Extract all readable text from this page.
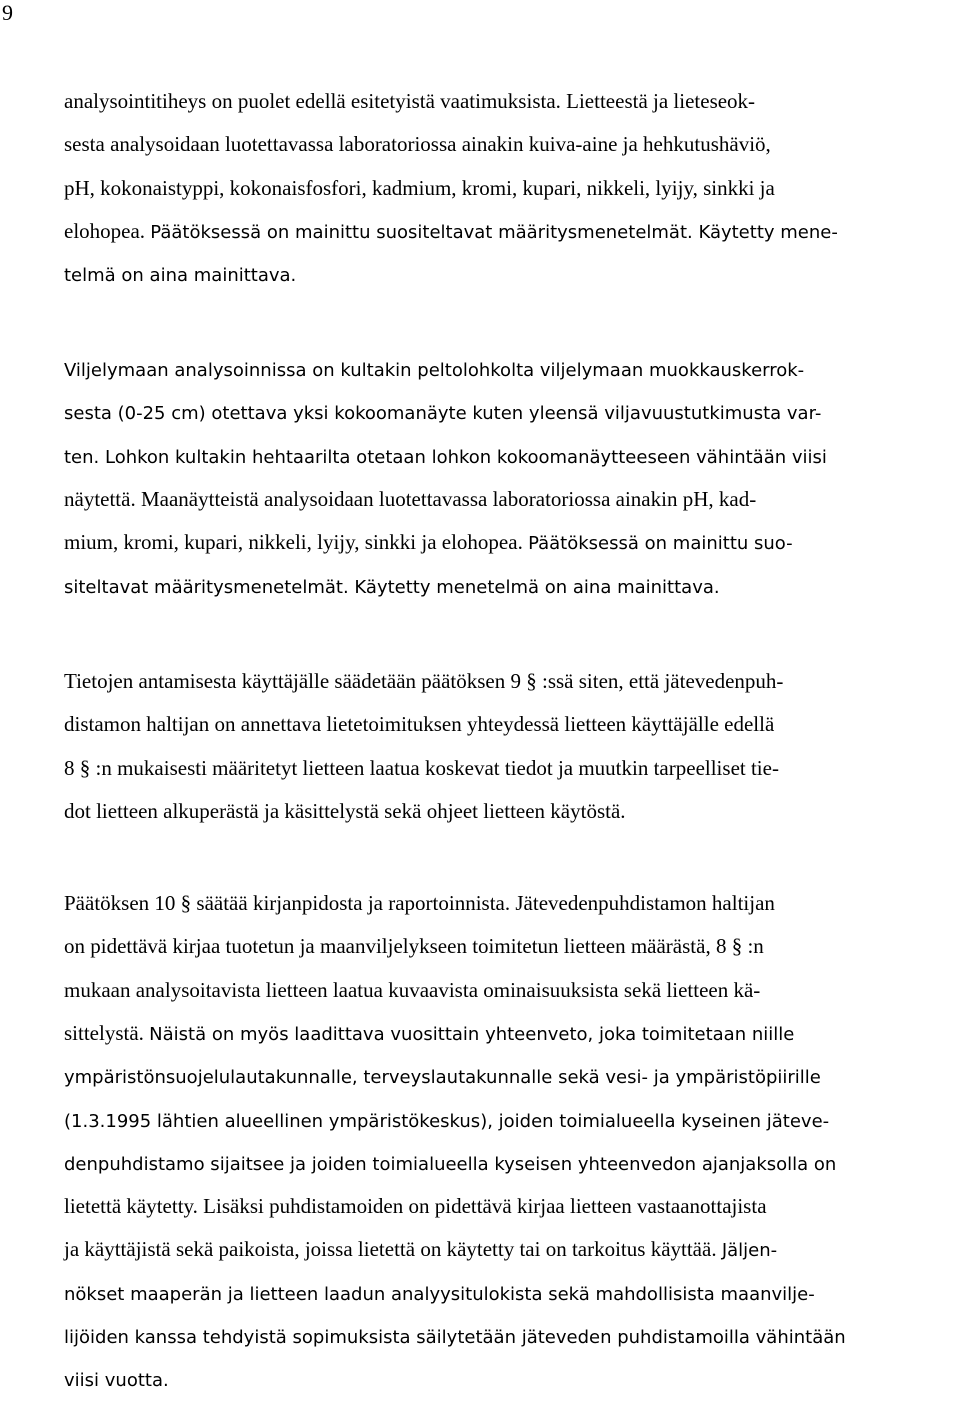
9
analysointitiheys on puolet edellä esitetyistä vaatimuksista. Lietteestä ja lieteseok-
sesta analysoidaan luotettavassa laboratoriossa ainakin kuiva-aine ja hehkutushäviö,
pH, kokonaistyppi, kokonaisfosfori, kadmium, kromi, kupari, nikkeli, lyijy, sinkki ja
elohopea. Päätöksessä on mainittu suositeltavat määritysmenetelmät. Käytetty mene-
telmä on aina mainittava.
Viljelymaan analysoinnissa on kultakin peltolohkolta viljelymaan muokkauskerrok-
sesta (0-25 cm) otettava yksi kokoomanäyte kuten yleensä viljavuustutkimusta var-
ten. Lohkon kultakin hehtaarilta otetaan lohkon kokoomanäytteeseen vähintään viisi
näytettä. Maanäytteistä analysoidaan luotettavassa laboratoriossa ainakin pH, kad-
mium, kromi, kupari, nikkeli, lyijy, sinkki ja elohopea. Päätöksessä on mainittu suo-
siteltavat määritysmenetelmät. Käytetty menetelmä on aina mainittava.
Tietojen antamisesta käyttäjälle säädetään päätöksen 9 § :ssä siten, että jätevedenpuh-
distamon haltijan on annettava lietetoimituksen yhteydessä lietteen käyttäjälle edellä
8 § :n mukaisesti määritetyt lietteen laatua koskevat tiedot ja muutkin tarpeelliset tie-
dot lietteen alkuperästä ja käsittelystä sekä ohjeet lietteen käytöstä.
Päätöksen 10 § säätää kirjanpidosta ja raportoinnista. Jätevedenpuhdistamon haltijan
on pidettävä kirjaa tuotetun ja maanviljelykseen toimitetun lietteen määrästä, 8 § :n
mukaan analysoitavista lietteen laatua kuvaavista ominaisuuksista sekä lietteen kä-
sittelystä. Näistä on myös laadittava vuosittain yhteenveto, joka toimitetaan niille
ympäristönsuojelulautakunnalle, terveyslautakunnalle sekä vesi- ja ympäristöpiirille
(1.3.1995 lähtien alueellinen ympäristökeskus), joiden toimialueella kyseinen jäteve-
denpuhdistamo sijaitsee ja joiden toimialueella kyseisen yhteenvedon ajanjaksolla on
lietettä käytetty. Lisäksi puhdistamoiden on pidettävä kirjaa lietteen vastaanottajista
ja käyttäjistä sekä paikoista, joissa lietettä on käytetty tai on tarkoitus käyttää. Jäljen-
nökset maaperän ja lietteen laadun analyysitulokista sekä mahdollisista maanvilje-
lijöiden kanssa tehdyistä sopimuksista säilytetään jäteveden puhdistamoilla vähintään
viisi vuotta.
